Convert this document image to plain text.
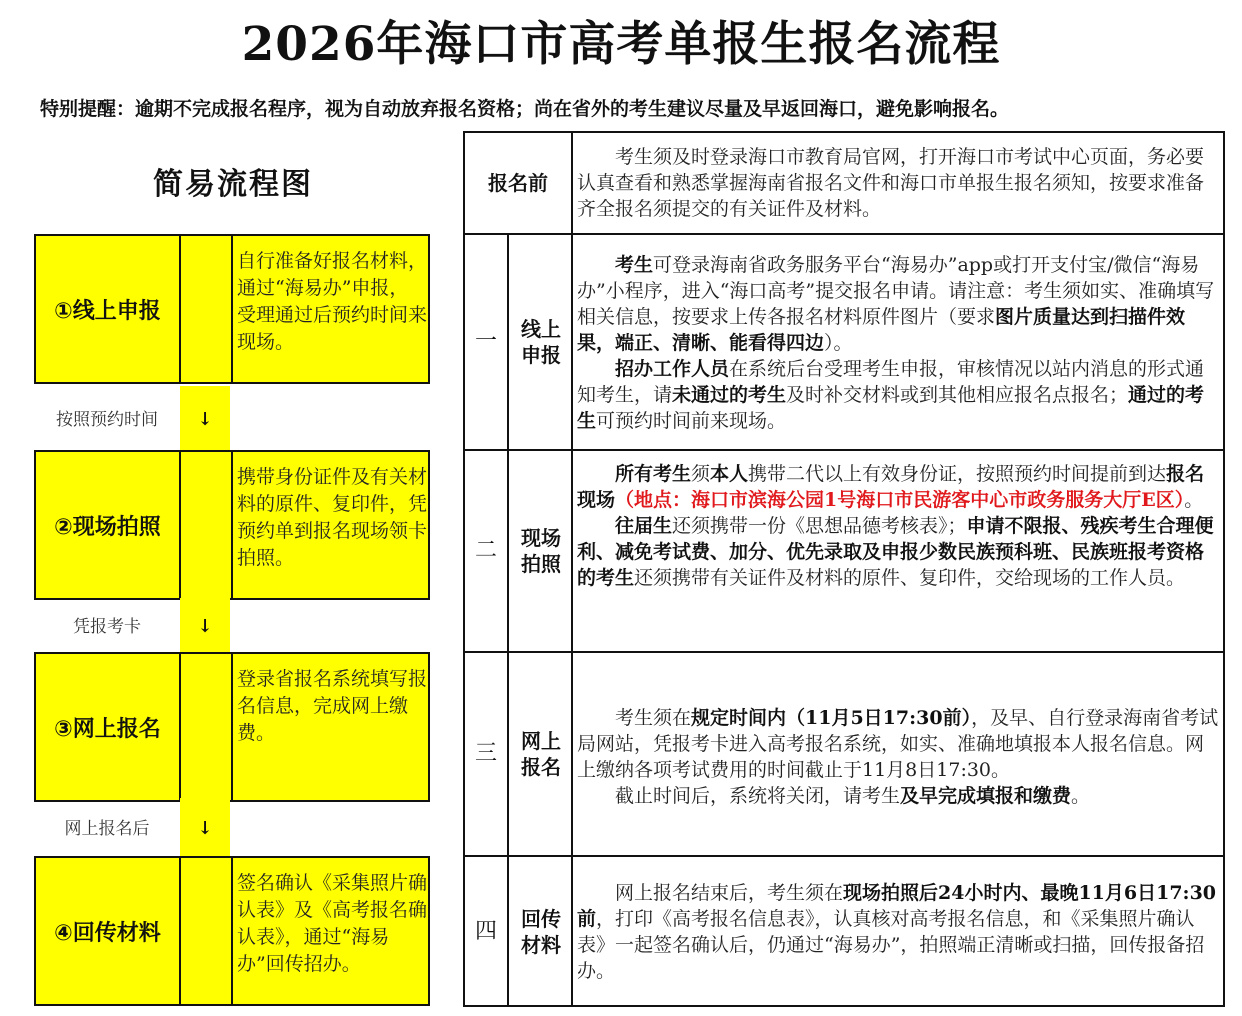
2026年海口市高考单报生报名流程
特别提醒：逾期不完成报名程序，视为自动放弃报名资格；尚在省外的考生建议尽量及早返回海口，避免影响报名。
简易流程图
①线上申报
自行准备好报名材料，通过“海易办”申报，受理通过后预约时间来现场。
按照预约时间	↓
②现场拍照
携带身份证件及有关材料的原件、复印件，凭预约单到报名现场领卡拍照。
凭报考卡	↓
③网上报名
登录省报名系统填写报名信息，完成网上缴费。
网上报名后	↓
④回传材料
签名确认《采集照片确认表》及《高考报名确认表》，通过“海易办”回传招办。
报名前

考生须及时登录海口市教育局官网，打开海口市考试中心页面，务必要认真查看和熟悉掌握海南省报名文件和海口市单报生报名须知，按要求准备齐全报名须提交的有关证件及材料。

一	线上申报

考生可登录海南省政务服务平台“海易办”app或打开支付宝/微信“海易办”小程序，进入“海口高考”提交报名申请。请注意：考生须如实、准确填写相关信息，按要求上传各报名材料原件图片（要求图片质量达到扫描件效果，端正、清晰、能看得四边）。

招办工作人员在系统后台受理考生申报，审核情况以站内消息的形式通知考生，请未通过的考生及时补交材料或到其他相应报名点报名；通过的考生可预约时间前来现场。

二	现场拍照

所有考生须本人携带二代以上有效身份证，按照预约时间提前到达报名现场（地点：海口市滨海公园1号海口市民游客中心市政务服务大厅E区）。

往届生还须携带一份《思想品德考核表》；申请不限报、残疾考生合理便利、减免考试费、加分、优先录取及申报少数民族预科班、民族班报考资格的考生还须携带有关证件及材料的原件、复印件，交给现场的工作人员。

三	网上报名

考生须在规定时间内（11月5日17:30前），及早、自行登录海南省考试局网站，凭报考卡进入高考报名系统，如实、准确地填报本人报名信息。网上缴纳各项考试费用的时间截止于11月8日17:30。

截止时间后，系统将关闭，请考生及早完成填报和缴费。

四	回传材料

网上报名结束后，考生须在现场拍照后24小时内、最晚11月6日17:30前，打印《高考报名信息表》，认真核对高考报名信息，和《采集照片确认表》一起签名确认后，仍通过“海易办”，拍照端正清晰或扫描，回传报备招办。
